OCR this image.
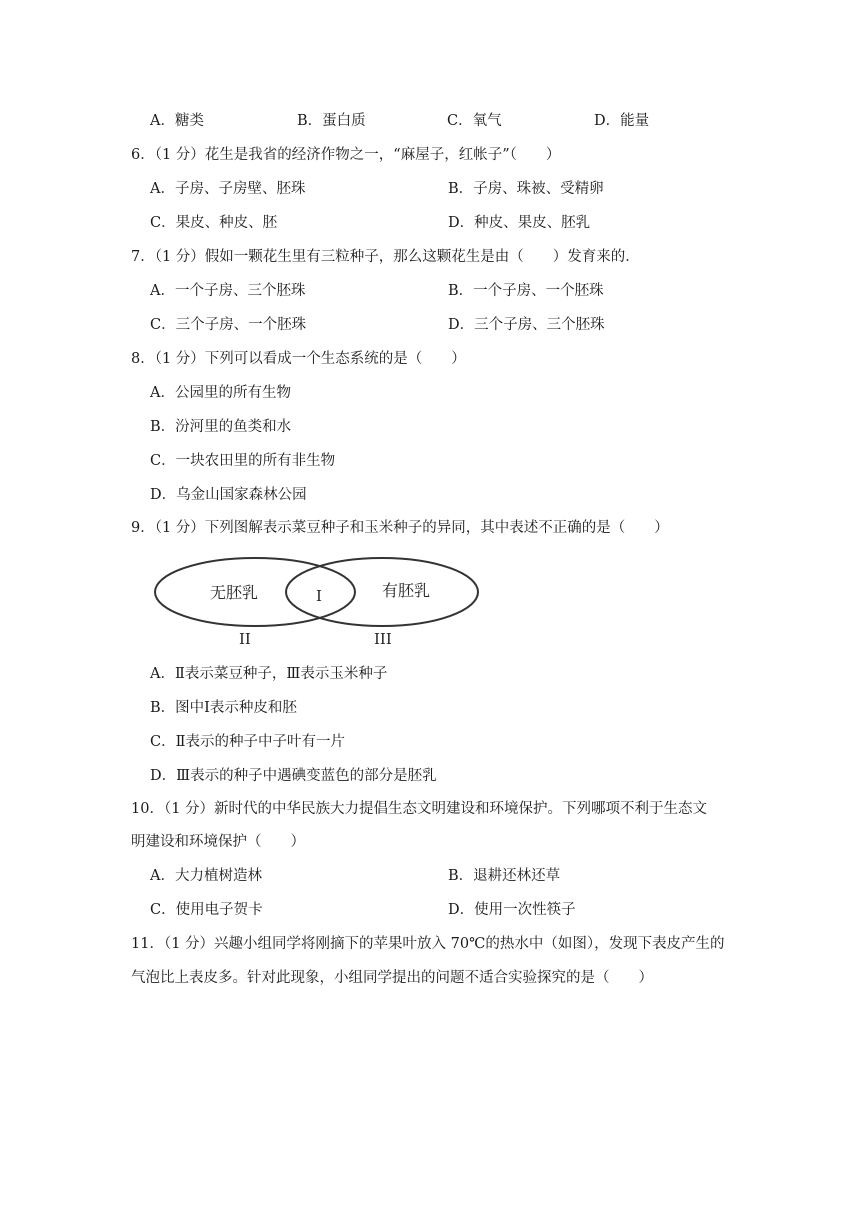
A．糖类	B．蛋白质	C．氧气	D．能量
6．（1 分）花生是我省的经济作物之一，“麻屋子，红帐子”（　　）
A．子房、子房壁、胚珠	B．子房、珠被、受精卵
C．果皮、种皮、胚	D．种皮、果皮、胚乳
7．（1 分）假如一颗花生里有三粒种子，那么这颗花生是由（　　）发育来的．
A．一个子房、三个胚珠	B．一个子房、一个胚珠
C．三个子房、一个胚珠	D．三个子房、三个胚珠
8．（1 分）下列可以看成一个生态系统的是（　　）
A．公园里的所有生物
B．汾河里的鱼类和水
C．一块农田里的所有非生物
D．乌金山国家森林公园
9．（1 分）下列图解表示菜豆种子和玉米种子的异同，其中表述不正确的是（　　）
无胚乳	I	有胚乳
II	III
A．Ⅱ表示菜豆种子，Ⅲ表示玉米种子
B．图中Ⅰ表示种皮和胚
C．Ⅱ表示的种子中子叶有一片
D．Ⅲ表示的种子中遇碘变蓝色的部分是胚乳
10．（1 分）新时代的中华民族大力提倡生态文明建设和环境保护。下列哪项不利于生态文
明建设和环境保护（　　）
A．大力植树造林	B．退耕还林还草
C．使用电子贺卡	D．使用一次性筷子
11．（1 分）兴趣小组同学将刚摘下的苹果叶放入 70℃的热水中（如图），发现下表皮产生的
气泡比上表皮多。针对此现象，小组同学提出的问题不适合实验探究的是（　　）
